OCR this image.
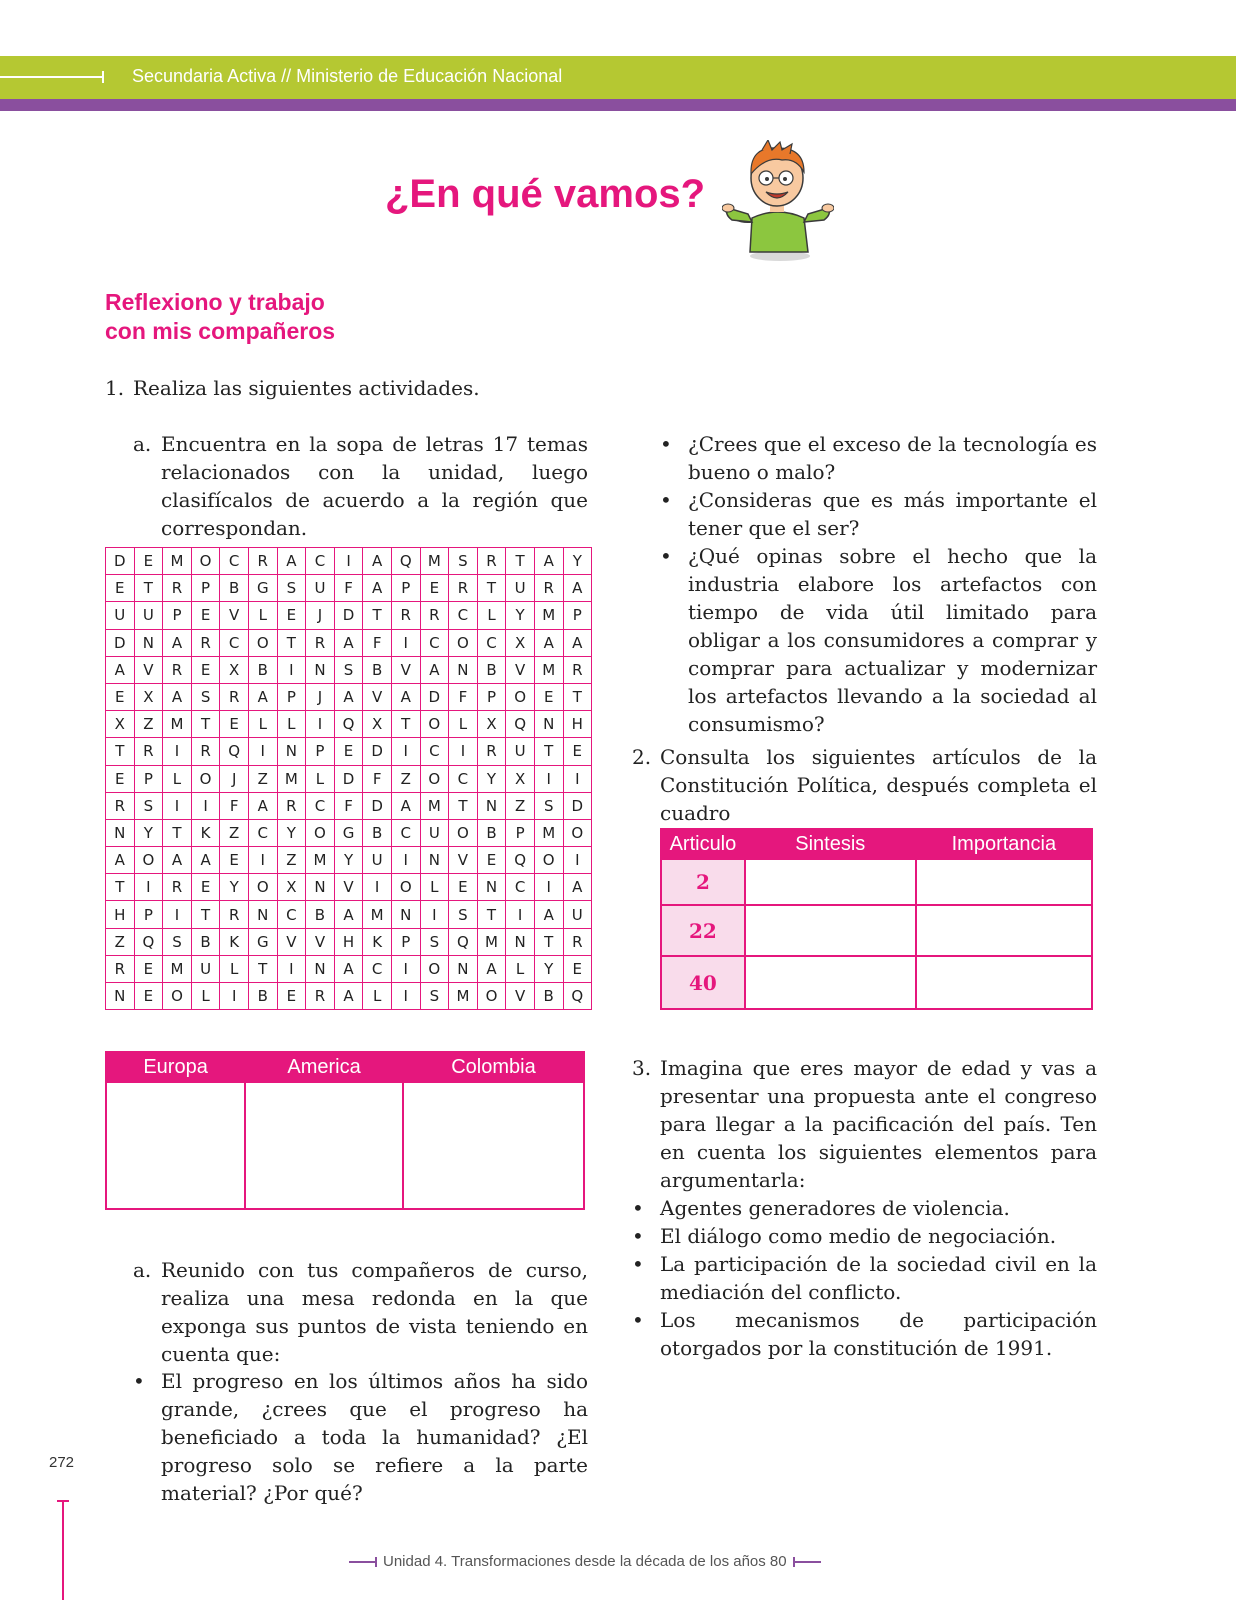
Secundaria Activa // Ministerio de Educación Nacional
¿En qué vamos?
Reflexiono y trabajo
con mis compañeros
1. Realiza las siguientes actividades.
a. Encuentra en la sopa de letras 17 temas relacionados con la unidad, luego clasifícalos de acuerdo a la región que correspondan.
D	E	M	O	C	R	A	C	I	A	Q	M	S	R	T	A	Y
E	T	R	P	B	G	S	U	F	A	P	E	R	T	U	R	A
U	U	P	E	V	L	E	J	D	T	R	R	C	L	Y	M	P
D	N	A	R	C	O	T	R	A	F	I	C	O	C	X	A	A
A	V	R	E	X	B	I	N	S	B	V	A	N	B	V	M	R
E	X	A	S	R	A	P	J	A	V	A	D	F	P	O	E	T
X	Z	M	T	E	L	L	I	Q	X	T	O	L	X	Q	N	H
T	R	I	R	Q	I	N	P	E	D	I	C	I	R	U	T	E
E	P	L	O	J	Z	M	L	D	F	Z	O	C	Y	X	I	I
R	S	I	I	F	A	R	C	F	D	A	M	T	N	Z	S	D
N	Y	T	K	Z	C	Y	O	G	B	C	U	O	B	P	M	O
A	O	A	A	E	I	Z	M	Y	U	I	N	V	E	Q	O	I
T	I	R	E	Y	O	X	N	V	I	O	L	E	N	C	I	A
H	P	I	T	R	N	C	B	A	M	N	I	S	T	I	A	U
Z	Q	S	B	K	G	V	V	H	K	P	S	Q	M	N	T	R
R	E	M	U	L	T	I	N	A	C	I	O	N	A	L	Y	E
N	E	O	L	I	B	E	R	A	L	I	S	M	O	V	B	Q
Europa	America	Colombia

a. Reunido con tus compañeros de curso, realiza una mesa redonda en la que exponga sus puntos de vista teniendo en cuenta que:
• El progreso en los últimos años ha sido grande, ¿crees que el progreso ha beneficiado a toda la humanidad? ¿El progreso solo se refiere a la parte material? ¿Por qué?
• ¿Crees que el exceso de la tecnología es bueno o malo?
• ¿Consideras que es más importante el tener que el ser?
• ¿Qué opinas sobre el hecho que la industria elabore los artefactos con tiempo de vida útil limitado para obligar a los consumidores a comprar y comprar para actualizar y modernizar los artefactos llevando a la sociedad al consumismo?
2. Consulta los siguientes artículos de la Constitución Política, después completa el cuadro
Articulo	Sintesis	Importancia
2		
22		
40		
3. Imagina que eres mayor de edad y vas a presentar una propuesta ante el congreso para llegar a la pacificación del país. Ten en cuenta los siguientes elementos para argumentarla:
• Agentes generadores de violencia.
• El diálogo como medio de negociación.
• La participación de la sociedad civil en la mediación del conflicto.
• Los mecanismos de participación otorgados por la constitución de 1991.
272
Unidad 4. Transformaciones desde la década de los años 80
